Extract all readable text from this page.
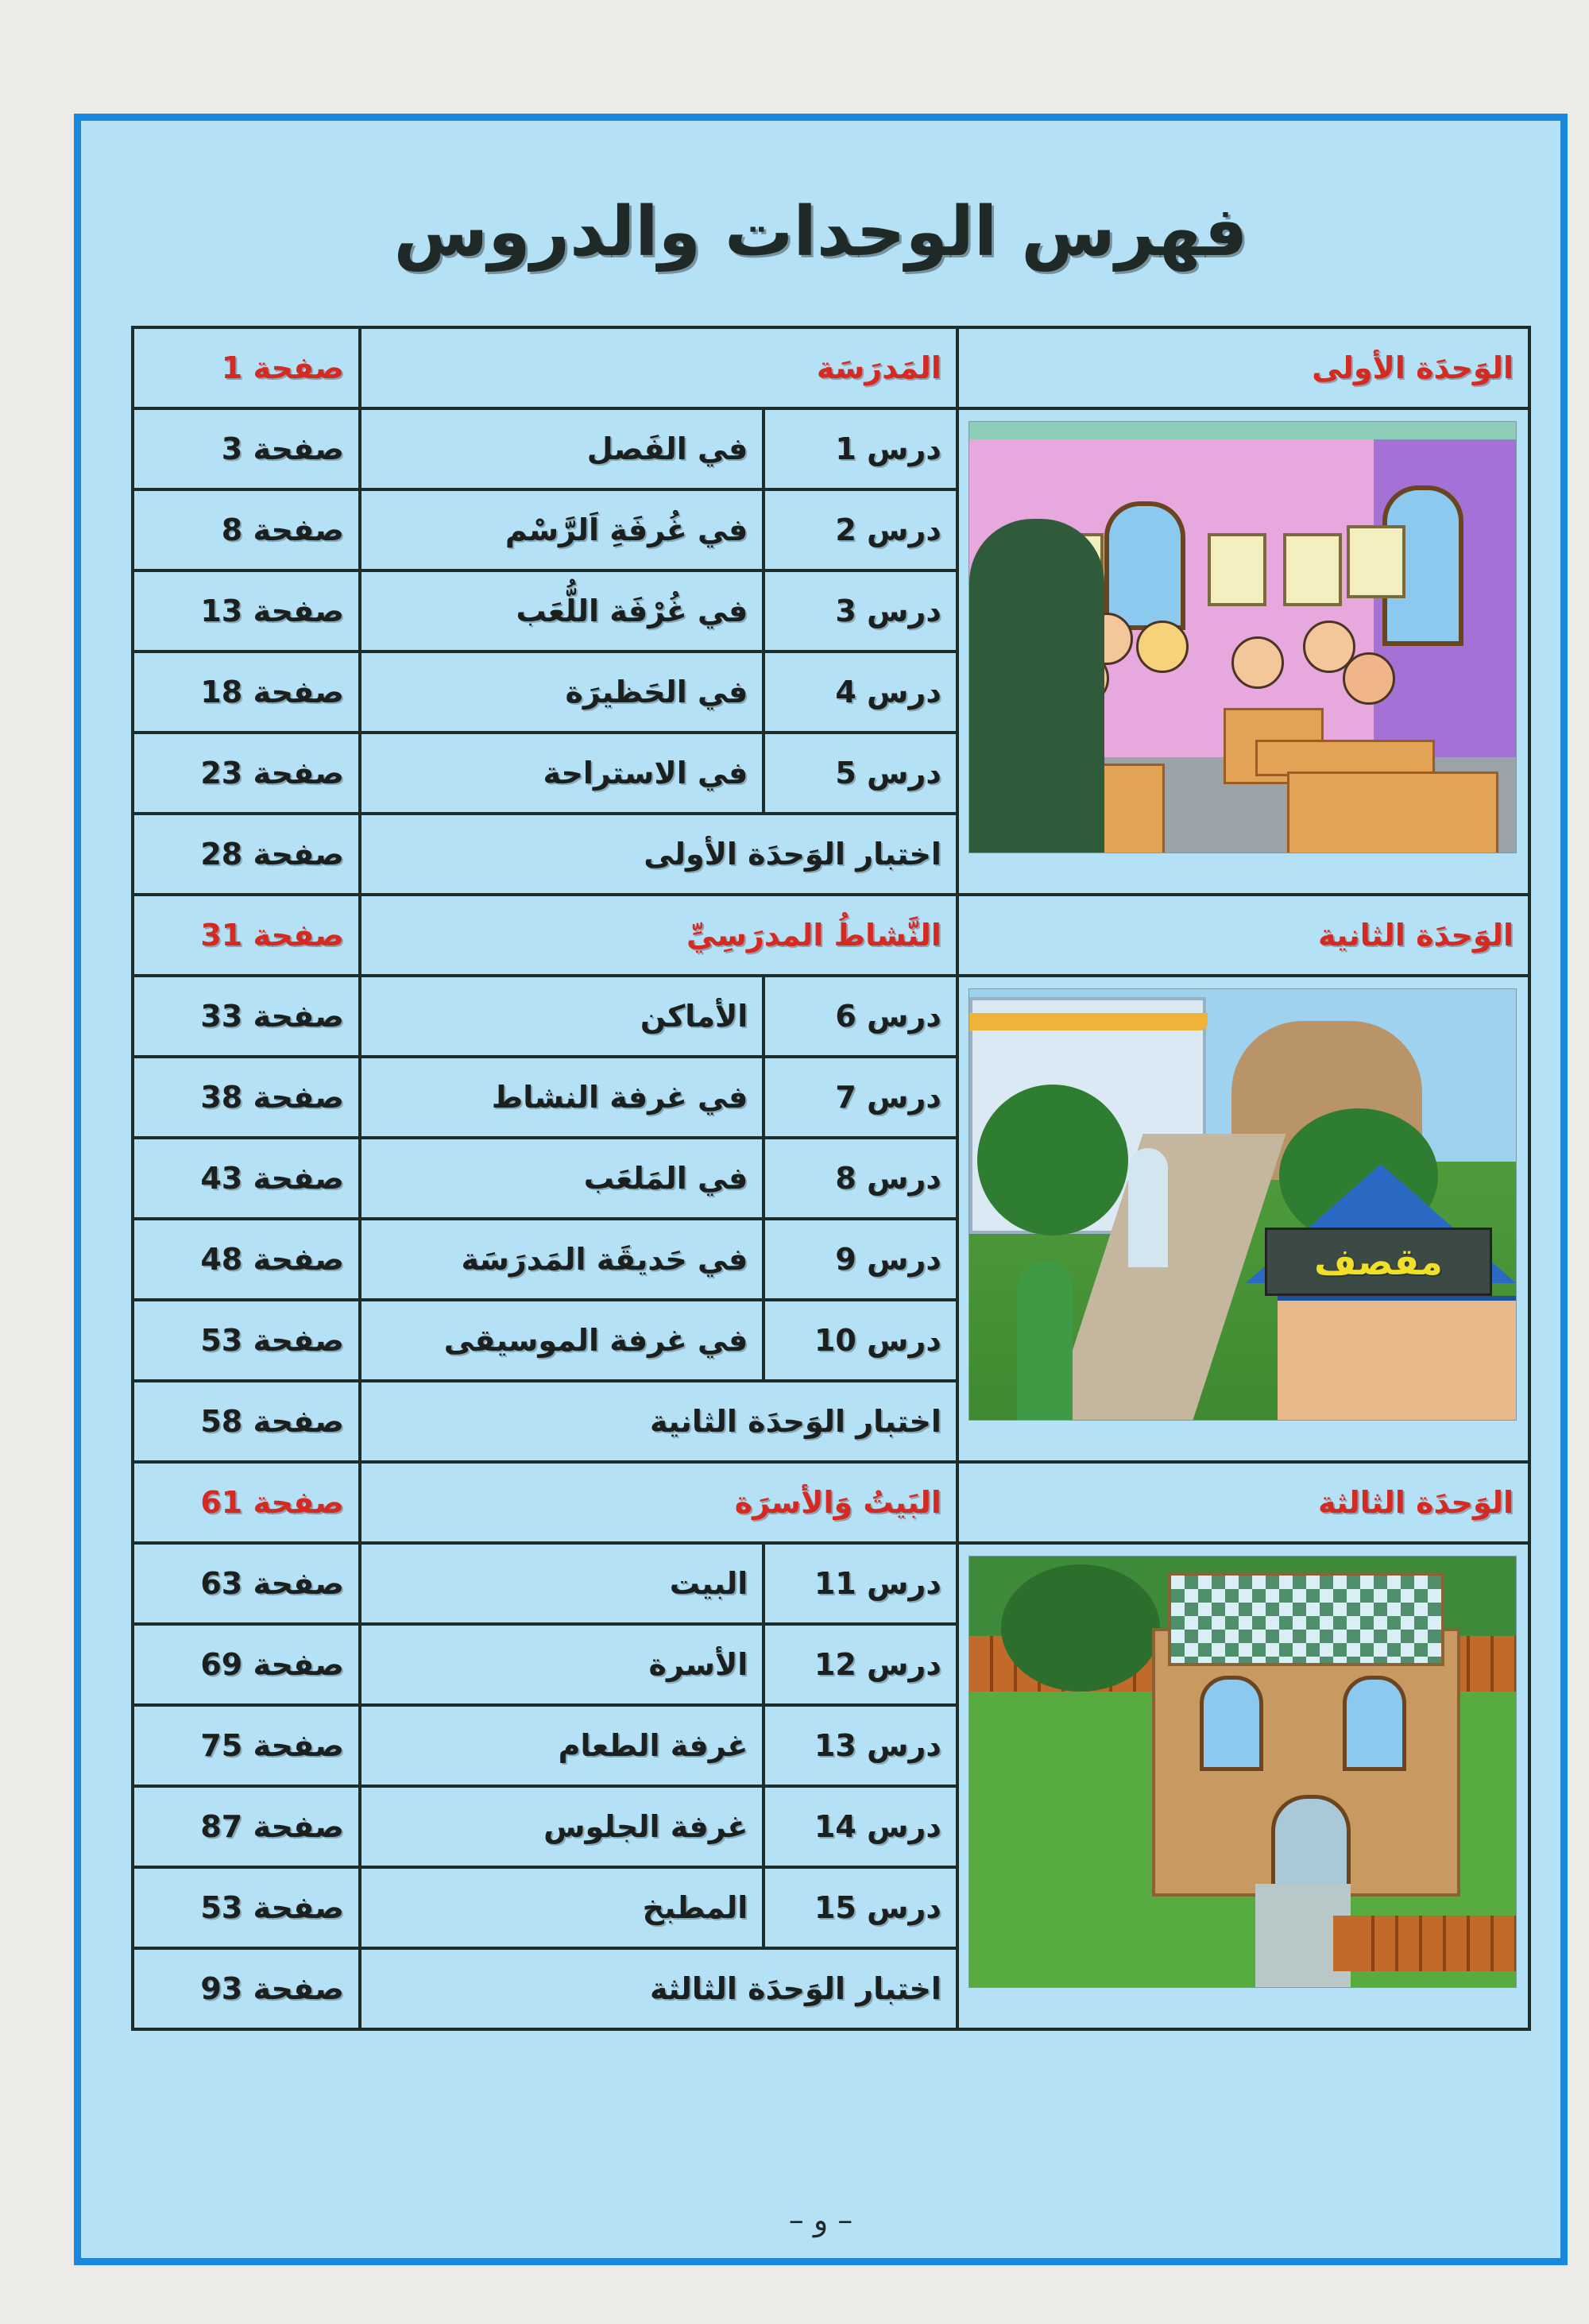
فهرس الوحدات والدروس
الوَحدَة الأولى	المَدرَسَة		صفحة 1

	درس 1	في الفَصل	صفحة 3
	درس 2	في غُرفَةِ اَلرَّسْم	صفحة 8
	درس 3	في غُرْفَة اللُّعَب	صفحة 13
	درس 4	في الحَظيرَة	صفحة 18
	درس 5	في الاستراحة	صفحة 23
	اختبار الوَحدَة الأولى		صفحة 28
الوَحدَة الثانية	النَّشاطُ المدرَسِيِّ		صفحة 31

مقصف	درس 6	الأماكن	صفحة 33
	درس 7	في غرفة النشاط	صفحة 38
	درس 8	في المَلعَب	صفحة 43
	درس 9	في حَديقَة المَدرَسَة	صفحة 48
	درس 10	في غرفة الموسيقى	صفحة 53
	اختبار الوَحدَة الثانية		صفحة 58
الوَحدَة الثالثة	البَيتُ وَالأسرَة		صفحة 61

	درس 11	البيت	صفحة 63
	درس 12	الأسرة	صفحة 69
	درس 13	غرفة الطعام	صفحة 75
	درس 14	غرفة الجلوس	صفحة 87
	درس 15	المطبخ	صفحة 53
	اختبار الوَحدَة الثالثة		صفحة 93
– و –
